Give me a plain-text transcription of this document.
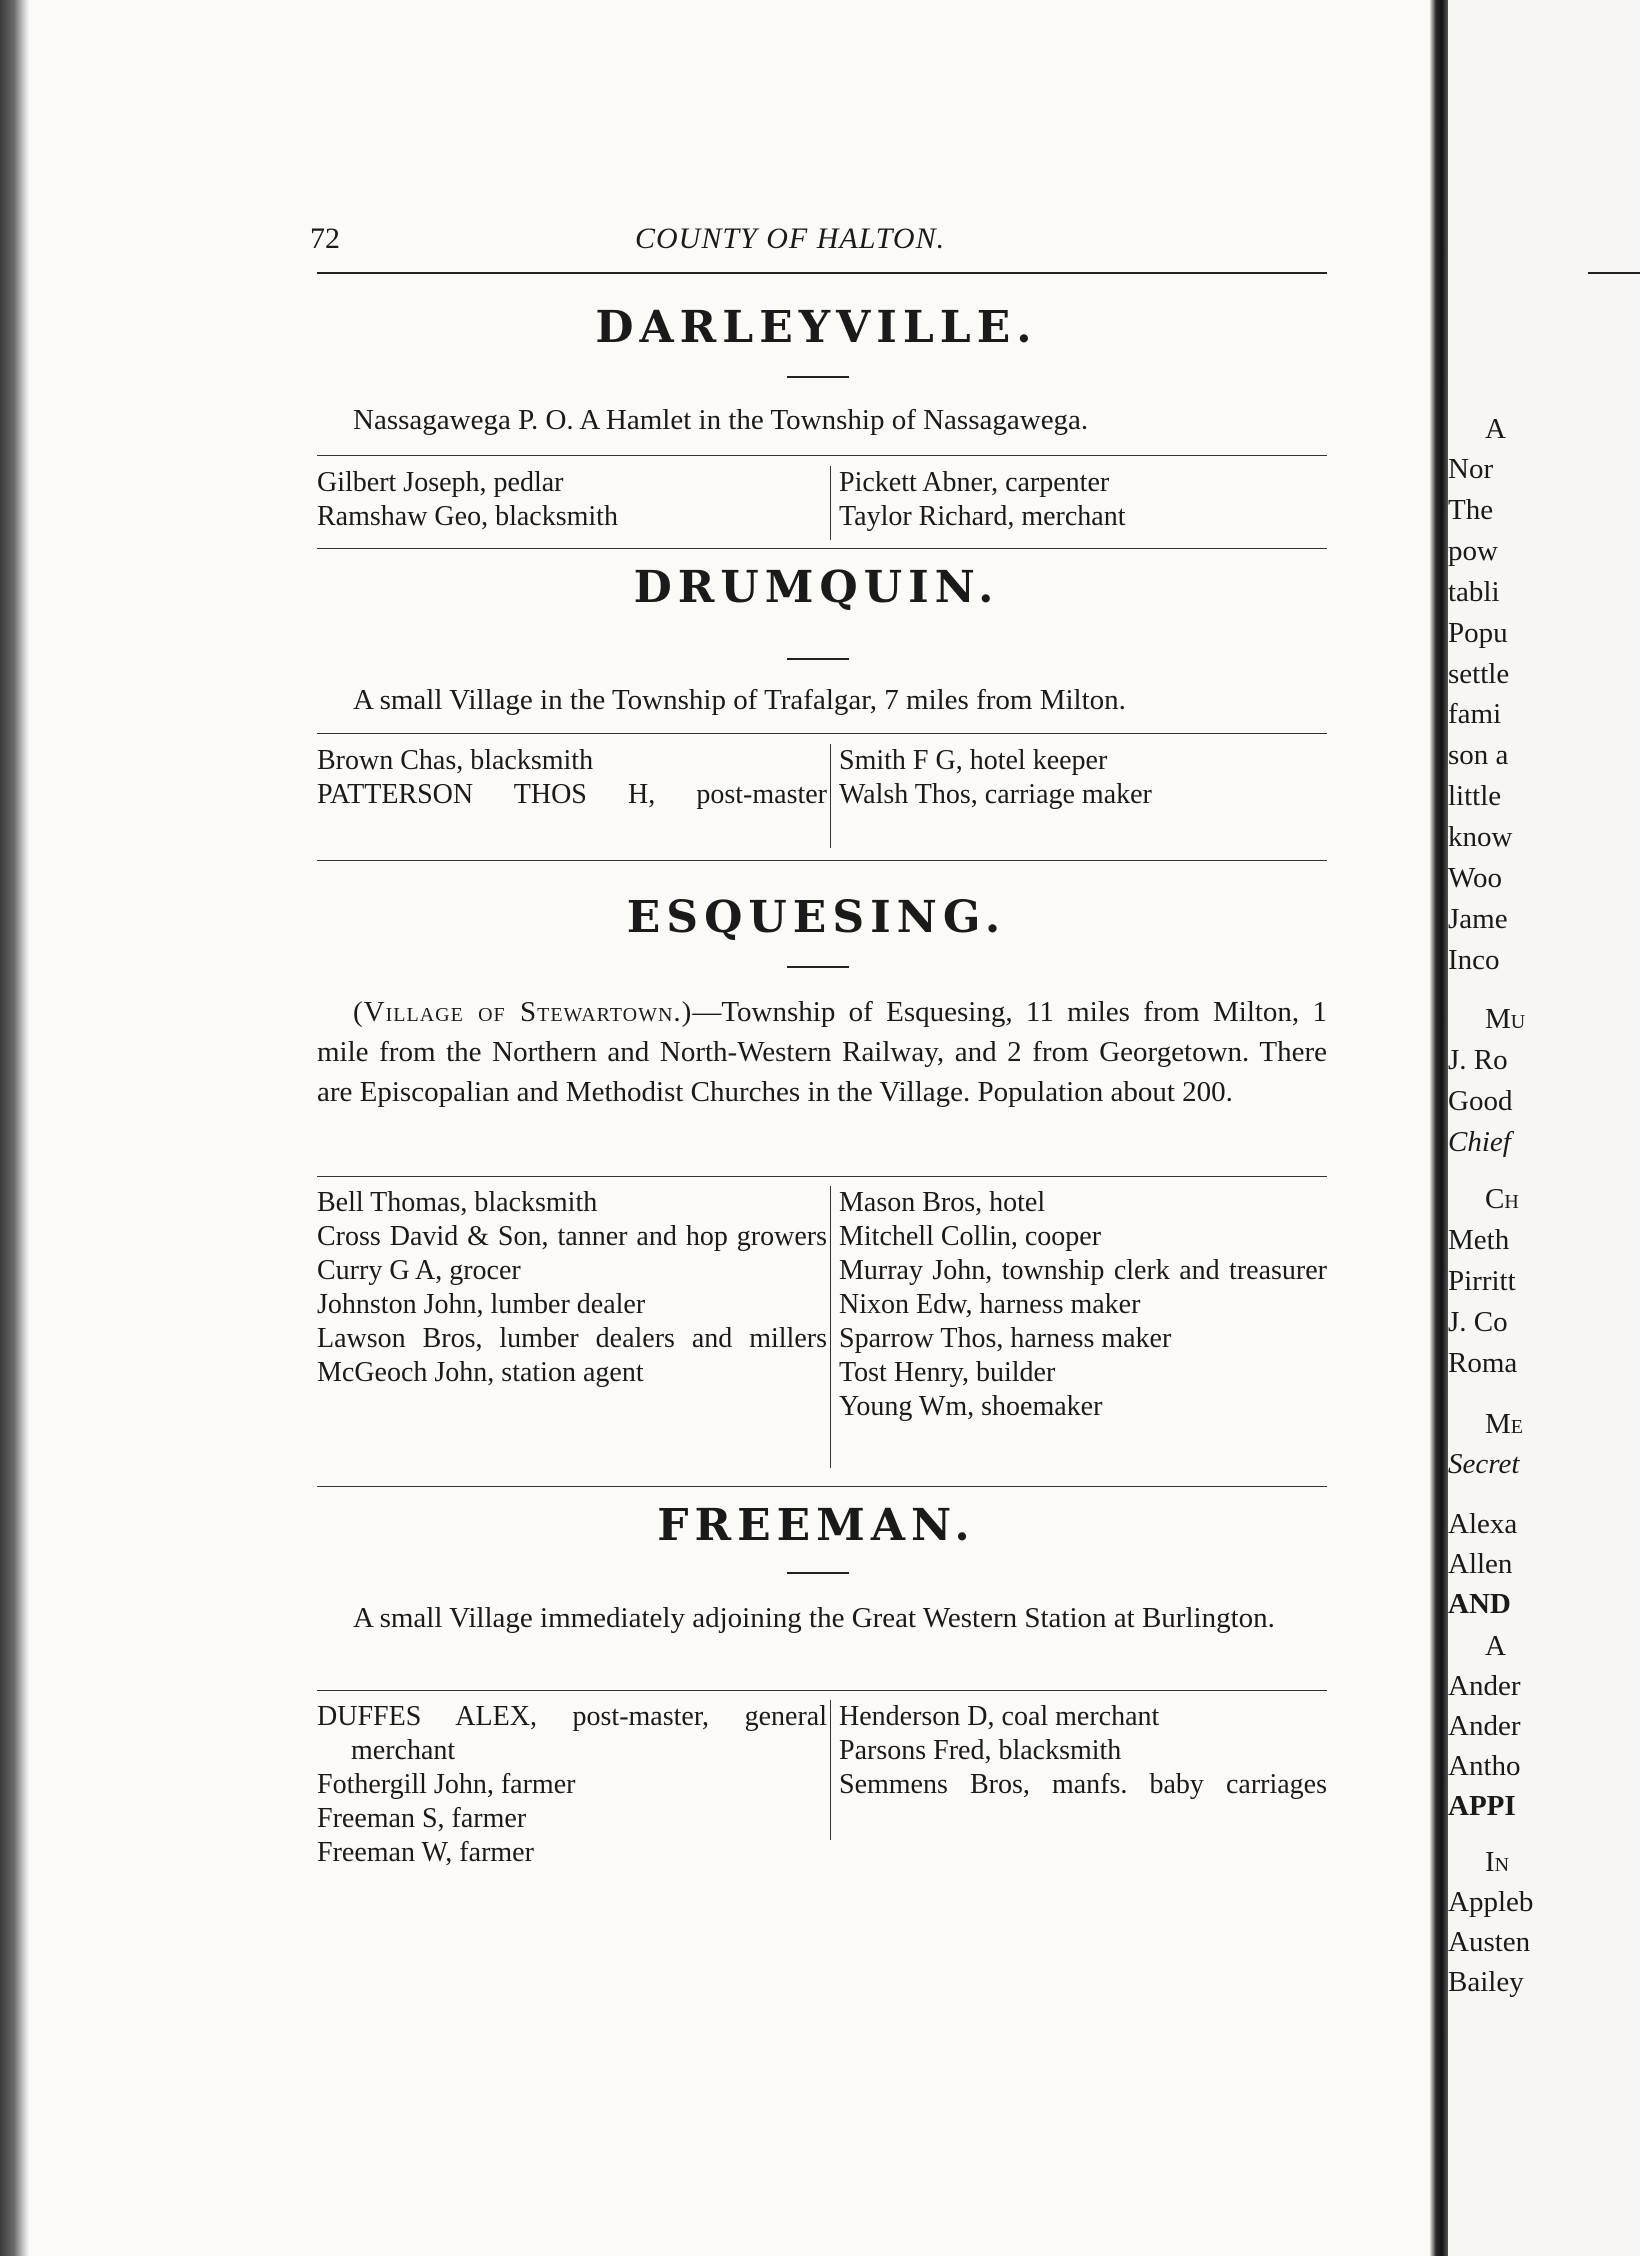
72	COUNTY OF HALTON.
DARLEYVILLE.
Nassagawega P. O. A Hamlet in the Township of Nassagawega.
Gilbert Joseph, pedlar
Ramshaw Geo, blacksmith
Pickett Abner, carpenter
Taylor Richard, merchant
DRUMQUIN.
A small Village in the Township of Trafalgar, 7 miles from Milton.
Brown Chas, blacksmith
PATTERSON THOS H, post-master
Smith F G, hotel keeper
Walsh Thos, carriage maker
ESQUESING.
(Village of Stewartown.)—Township of Esquesing, 11 miles from Milton, 1 mile from the Northern and North-Western Railway, and 2 from Georgetown. There are Episcopalian and Methodist Churches in the Village. Population about 200.
Bell Thomas, blacksmith
Cross David & Son, tanner and hop growers
Curry G A, grocer
Johnston John, lumber dealer
Lawson Bros, lumber dealers and millers
McGeoch John, station agent
Mason Bros, hotel
Mitchell Collin, cooper
Murray John, township clerk and treasurer
Nixon Edw, harness maker
Sparrow Thos, harness maker
Tost Henry, builder
Young Wm, shoemaker
FREEMAN.
A small Village immediately adjoining the Great Western Station at Burlington.
DUFFES ALEX, post-master, general merchant
Fothergill John, farmer
Freeman S, farmer
Freeman W, farmer
Henderson D, coal merchant
Parsons Fred, blacksmith
Semmens Bros, manfs. baby carriages
A
Nor
The
pow
tabli
Popu
settle
fami
son a
little
know
Woo
Jame
Inco
Mu
J. Ro
Good
Chief
Ch
Meth
Pirritt
J. Co
Roma
Me
Secret
Alexa
Allen
AND
A
Ander
Ander
Antho
APPI
In
Appleb
Austen
Bailey
